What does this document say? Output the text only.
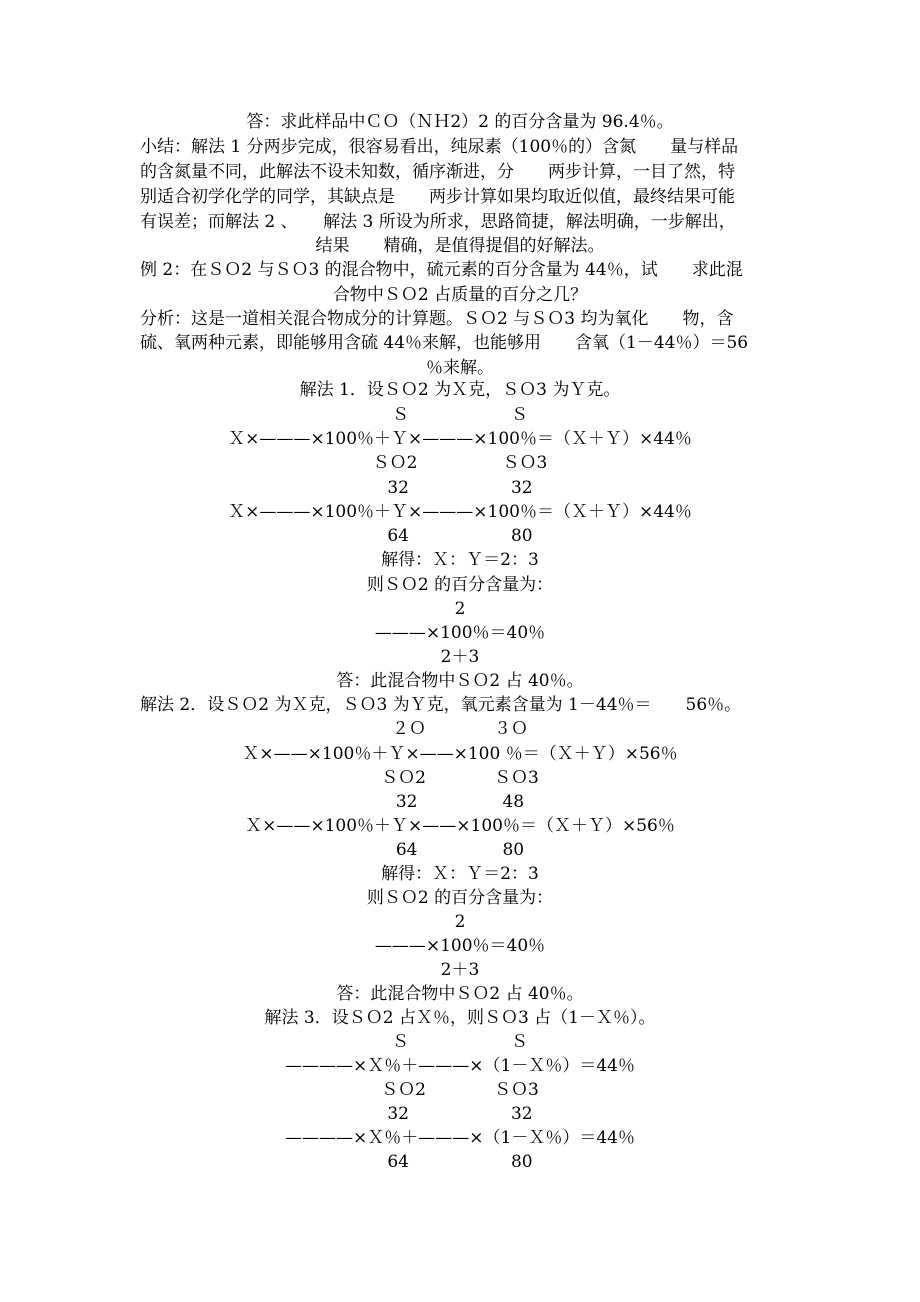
答：求此样品中ＣＯ（ＮＨ2）2 的百分含量为 96.4％。
小结：解法 1 分两步完成，很容易看出，纯尿素（100％的）含氮　　量与样品
的含氮量不同，此解法不设未知数，循序渐进，分　　两步计算，一目了然，特
别适合初学化学的同学，其缺点是　　两步计算如果均取近似值，最终结果可能
有误差；而解法 2 、　　解法 3 所设为所求，思路简捷，解法明确，一步解出，
结果　　精确，是值得提倡的好解法。
例 2：在ＳＯ2 与ＳＯ3 的混合物中，硫元素的百分含量为 44％，试　　求此混
合物中ＳＯ2 占质量的百分之几？
分析：这是一道相关混合物成分的计算题。ＳＯ2 与ＳＯ3 均为氧化　　物，含
硫、氧两种元素，即能够用含硫 44％来解，也能够用　　含氧（1－44％）＝56
％来解。
解法 1．设ＳＯ2 为Ｘ克，ＳＯ3 为Ｙ克。
Ｓ　　　　　　Ｓ
Ｘ×———×100％＋Ｙ×———×100％＝（Ｘ＋Ｙ）×44％
ＳＯ2　　　　　ＳＯ3
32　　　　　　32
Ｘ×———×100％＋Ｙ×———×100％＝（Ｘ＋Ｙ）×44％
64　　　　　　80
解得：Ｘ：Ｙ＝2：3
则ＳＯ2 的百分含量为：
2
———×100％＝40％
2＋3
答：此混合物中ＳＯ2 占 40％。
解法 2．设ＳＯ2 为Ｘ克，ＳＯ3 为Ｙ克，氧元素含量为 1－44％＝　　56％。
２Ｏ　　　　３Ｏ
Ｘ×——×100％＋Ｙ×——×100 ％＝（Ｘ＋Ｙ）×56％
ＳＯ2　　　　ＳＯ3
32　　　　　48
Ｘ×——×100％＋Ｙ×——×100％＝（Ｘ＋Ｙ）×56％
64　　　　　80
解得：Ｘ：Ｙ＝2：3
则ＳＯ2 的百分含量为：
2
———×100％＝40％
2＋3
答：此混合物中ＳＯ2 占 40％。
解法 3．设ＳＯ2 占Ｘ％，则ＳＯ3 占（1－Ｘ％）。
Ｓ　　　　　　Ｓ
————×Ｘ％＋———×（1－Ｘ％）＝44％
ＳＯ2　　　　ＳＯ3
32　　　　　　32
————×Ｘ％＋———×（1－Ｘ％）＝44％
64　　　　　　80
